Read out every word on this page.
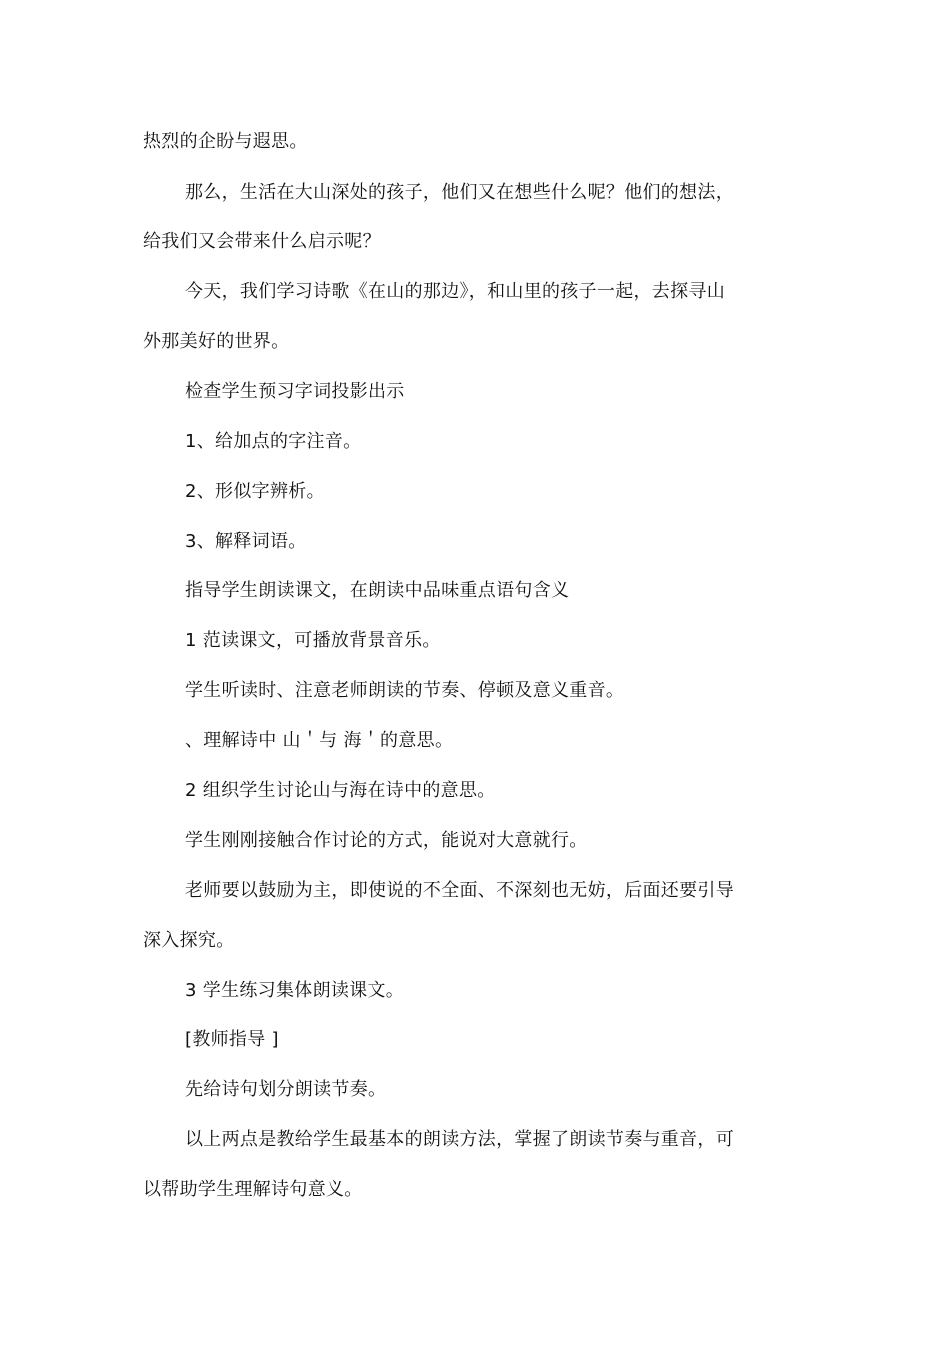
热烈的企盼与遐思。
那么，生活在大山深处的孩子，他们又在想些什么呢？他们的想法，
给我们又会带来什么启示呢？
今天，我们学习诗歌《在山的那边》，和山里的孩子一起，去探寻山
外那美好的世界。
检查学生预习字词投影出示
1、给加点的字注音。
2、形似字辨析。
3、解释词语。
指导学生朗读课文，在朗读中品味重点语句含义
1 范读课文，可播放背景音乐。
学生听读时、注意老师朗读的节奏、停顿及意义重音。
、理解诗中 山＇与 海＇的意思。
2 组织学生讨论山与海在诗中的意思。
学生刚刚接触合作讨论的方式，能说对大意就行。
老师要以鼓励为主，即使说的不全面、不深刻也无妨，后面还要引导
深入探究。
3 学生练习集体朗读课文。
[教师指导 ]
先给诗句划分朗读节奏。
以上两点是教给学生最基本的朗读方法，掌握了朗读节奏与重音，可
以帮助学生理解诗句意义。
